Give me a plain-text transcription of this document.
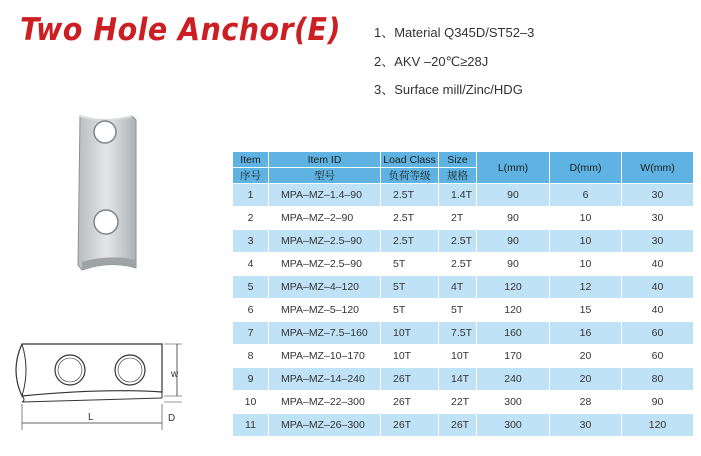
Two Hole Anchor(E)	1、Material Q345D/ST52–3
2、AKV –20℃≥28J
3、Surface mill/Zinc/HDG
w
L	D
Item	Item ID	Load Class	Size	L(mm)	D(mm)	W(mm)
序号	型号	负荷等级	规格			
1	MPA–MZ–1.4–90	2.5T	1.4T	90	6	30
2	MPA–MZ–2–90	2.5T	2T	90	10	30
3	MPA–MZ–2.5–90	2.5T	2.5T	90	10	30
4	MPA–MZ–2.5–90	5T	2.5T	90	10	40
5	MPA–MZ–4–120	5T	4T	120	12	40
6	MPA–MZ–5–120	5T	5T	120	15	40
7	MPA–MZ–7.5–160	10T	7.5T	160	16	60
8	MPA–MZ–10–170	10T	10T	170	20	60
9	MPA–MZ–14–240	26T	14T	240	20	80
10	MPA–MZ–22–300	26T	22T	300	28	90
11	MPA–MZ–26–300	26T	26T	300	30	120
